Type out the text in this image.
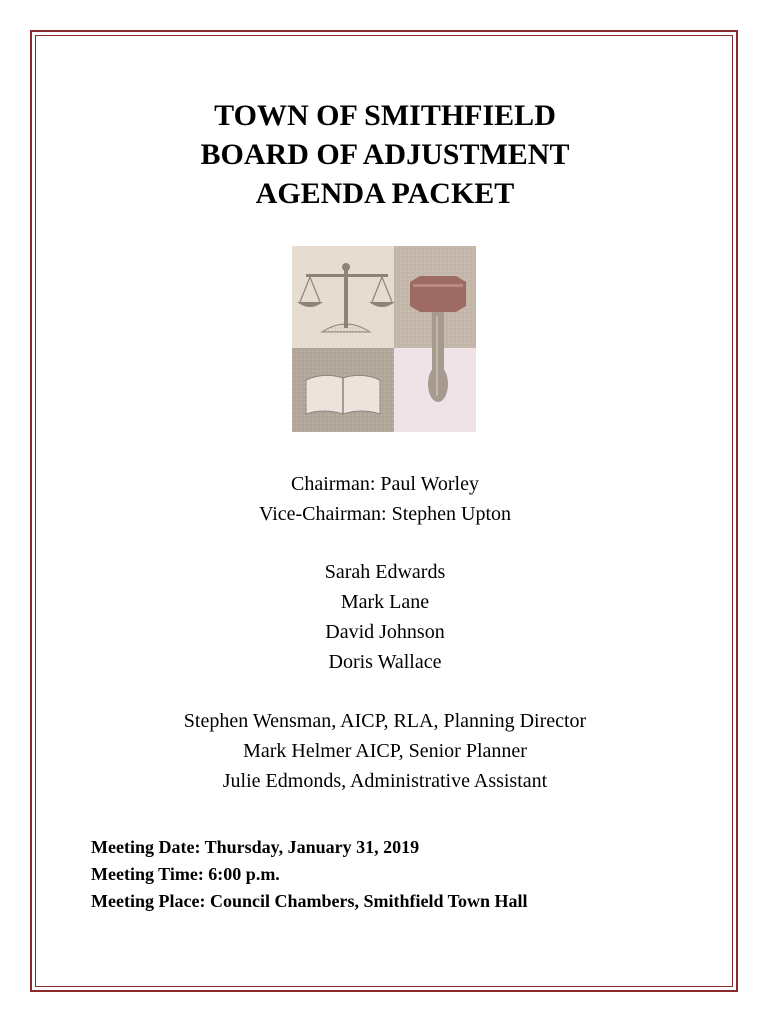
TOWN OF SMITHFIELD
BOARD OF ADJUSTMENT
AGENDA PACKET
Chairman: Paul Worley
Vice-Chairman: Stephen Upton
Sarah Edwards
Mark Lane
David Johnson
Doris Wallace
Stephen Wensman, AICP, RLA, Planning Director
Mark Helmer AICP, Senior Planner
Julie Edmonds, Administrative Assistant
Meeting Date: Thursday, January 31, 2019
Meeting Time: 6:00 p.m.
Meeting Place: Council Chambers, Smithfield Town Hall
